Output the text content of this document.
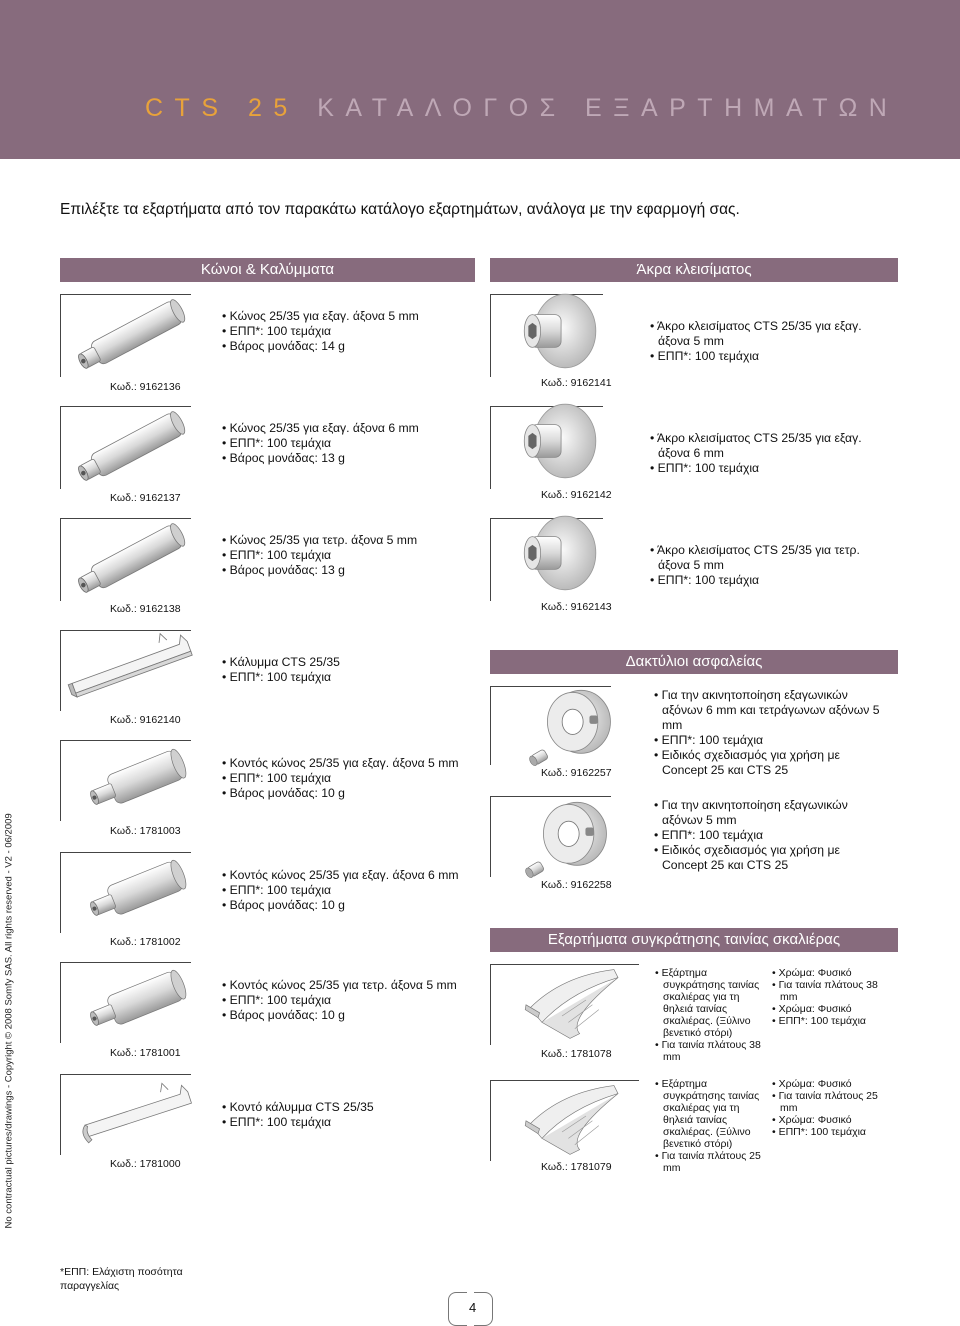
CTS 25 ΚΑΤΑΛΟΓΟΣ ΕΞΑΡΤΗΜΑΤΩΝ
Επιλέξτε τα εξαρτήματα από τον παρακάτω κατάλογο εξαρτημάτων, ανάλογα με την εφαρμογή σας.
Κώνοι & Καλύμματα	Άκρα κλεισίματος
Δακτύλιοι ασφαλείας
Εξαρτήματα συγκράτησης ταινίας σκαλιέρας
Κωδ.: 9162136
• Κώνος 25/35 για εξαγ. άξονα 5 mm
• ΕΠΠ*: 100 τεμάχια
• Βάρος μονάδας: 14 g
Κωδ.: 9162137
• Κώνος 25/35 για εξαγ. άξονα 6 mm
• ΕΠΠ*: 100 τεμάχια
• Βάρος μονάδας: 13 g
Κωδ.: 9162138
• Κώνος 25/35 για τετρ. άξονα 5 mm
• ΕΠΠ*: 100 τεμάχια
• Βάρος μονάδας: 13 g
Κωδ.: 9162140
• Κάλυμμα CTS 25/35
• ΕΠΠ*: 100 τεμάχια
Κωδ.: 1781003
• Κοντός κώνος 25/35 για εξαγ. άξονα 5 mm
• ΕΠΠ*: 100 τεμάχια
• Βάρος μονάδας: 10 g
Κωδ.: 1781002
• Κοντός κώνος 25/35 για εξαγ. άξονα 6 mm
• ΕΠΠ*: 100 τεμάχια
• Βάρος μονάδας: 10 g
Κωδ.: 1781001
• Κοντός κώνος 25/35 για τετρ. άξονα 5 mm
• ΕΠΠ*: 100 τεμάχια
• Βάρος μονάδας: 10 g
Κωδ.: 1781000
• Κοντό κάλυμμα CTS 25/35
• ΕΠΠ*: 100 τεμάχια
Κωδ.: 9162141
• Άκρο κλεισίματος CTS 25/35 για εξαγ. άξονα 5 mm
• ΕΠΠ*: 100 τεμάχια
Κωδ.: 9162142
• Άκρο κλεισίματος CTS 25/35 για εξαγ. άξονα 6 mm
• ΕΠΠ*: 100 τεμάχια
Κωδ.: 9162143
• Άκρο κλεισίματος CTS 25/35 για τετρ. άξονα 5 mm
• ΕΠΠ*: 100 τεμάχια
Κωδ.: 9162257
• Για την ακινητοποίηση εξαγωνικών αξόνων 6 mm και τετράγωνων αξόνων 5 mm
• ΕΠΠ*: 100 τεμάχια
• Ειδικός σχεδιασμός για χρήση με Concept 25 και CTS 25
Κωδ.: 9162258
• Για την ακινητοποίηση εξαγωνικών αξόνων 5 mm
• ΕΠΠ*: 100 τεμάχια
• Ειδικός σχεδιασμός για χρήση με Concept 25 και CTS 25
Κωδ.: 1781078
• Εξάρτημα συγκράτησης ταινίας σκαλιέρας για τη θηλειά ταινίας σκαλιέρας. (Ξύλινο βενετικό στόρι)
• Για ταινία πλάτους 38 mm
• Χρώμα: Φυσικό
• Για ταινία πλάτους 38 mm
• Χρώμα: Φυσικό
• ΕΠΠ*: 100 τεμάχια
Κωδ.: 1781079
• Εξάρτημα συγκράτησης ταινίας σκαλιέρας για τη θηλειά ταινίας σκαλιέρας. (Ξύλινο βενετικό στόρι)
• Για ταινία πλάτους 25 mm
• Χρώμα: Φυσικό
• Για ταινία πλάτους 25 mm
• Χρώμα: Φυσικό
• ΕΠΠ*: 100 τεμάχια
No contractual pictures/drawings - Copyright © 2008 Somfy SAS. All rights reserved - V2 - 06/2009
*ΕΠΠ: Ελάχιστη ποσότητα παραγγελίας
4
